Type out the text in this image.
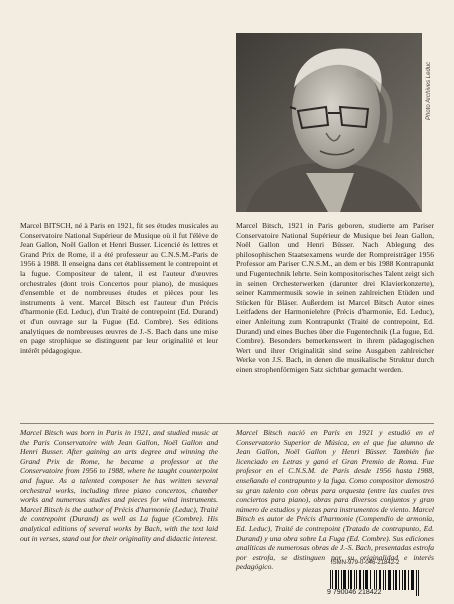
Photo Archives Leduc

Marcel BITSCH, né à Paris en 1921, fit ses études musicales au Conservatoire National Supérieur de Musique où il fut l'élève de Jean Gallon, Noël Gallon et Henri Busser. Licencié ès lettres et Grand Prix de Rome, il a été professeur au C.N.S.M.-Paris de 1956 à 1988. Il enseigna dans cet établissement le contrepoint et la fugue. Compositeur de talent, il est l'auteur d'œuvres orchestrales (dont trois Concertos pour piano), de musiques d'ensemble et de nombreuses études et pièces pour les instruments à vent. Marcel Bitsch est l'auteur d'un Précis d'harmonie (Ed. Leduc), d'un Traité de contrepoint (Ed. Durand) et d'un ouvrage sur la Fugue (Ed. Combre). Ses éditions analytiques de nombreuses œuvres de J.-S. Bach dans une mise en page strophique se distinguent par leur originalité et leur intérêt pédagogique.

Marcel Bitsch, 1921 in Paris geboren, studierte am Pariser Conservatoire National Supérieur de Musique bei Jean Gallon, Noël Gallon und Henri Büsser. Nach Ablegung des philosophischen Staatsexamens wurde der Rompreisträger 1956 Professor am Pariser C.N.S.M., an dem er bis 1988 Kontrapunkt und Fugentechnik lehrte. Sein kompositorisches Talent zeigt sich in seinen Orchesterwerken (darunter drei Klavierkonzerte), seiner Kammermusik sowie in seinen zahlreichen Etüden und Stücken für Bläser. Außerdem ist Marcel Bitsch Autor eines Leitfadens der Harmonielehre (Précis d'harmonie, Ed. Leduc), einer Anleitung zum Kontrapunkt (Traité de contrepoint, Ed. Durand) und eines Buches über die Fugentechnik (La fugue, Ed. Combre). Besonders bemerkenswert in ihrem pädagogischen Wert und ihrer Originalität sind seine Ausgaben zahlreicher Werke von J.S. Bach, in denen die musikalische Struktur durch einen strophenförmigen Satz sichtbar gemacht werden.

Marcel Bitsch was born in Paris in 1921, and studied music at the Paris Conservatoire with Jean Gallon, Noël Gallon and Henri Busser. After gaining an arts degree and winning the Grand Prix de Rome, he became a professor at the Conservatoire from 1956 to 1988, where he taught counterpoint and fugue. As a talented composer he has written several orchestral works, including three piano concertos, chamber works and numerous studies and pieces for wind instruments. Marcel Bitsch is the author of Précis d'harmonie (Leduc), Traité de contrepoint (Durand) as well as La fugue (Combre). His analytical editions of several works by Bach, with the text laid out in verses, stand out for their originality and didactic interest.

Marcel Bitsch nació en París en 1921 y estudió en el Conservatorio Superior de Música, en el que fue alumno de Jean Gallon, Noël Gallon y Henri Büsser. También fue licenciado en Letras y ganó el Gran Premio de Roma. Fue profesor en el C.N.S.M. de París desde 1956 hasta 1988, enseñando el contrapunto y la fuga. Como compositor demostró su gran talento con obras para orquesta (entre las cuales tres conciertos para piano), obras para diversos conjuntos y gran número de estudios y piezas para instrumentos de viento. Marcel Bitsch es autor de Précis d'harmonie (Compendio de armonía, Ed. Leduc), Traité de contrepoint (Tratado de contrapunto, Ed. Durand) y una obra sobre La Fuga (Ed. Combre). Sus ediciones analíticas de numerosas obras de J.-S. Bach, presentadas estrofa por estrofa, se distinguen por su originalidad e interés pedagógico.	ISMN-979-0-046-21842-2
9 790046 218422
